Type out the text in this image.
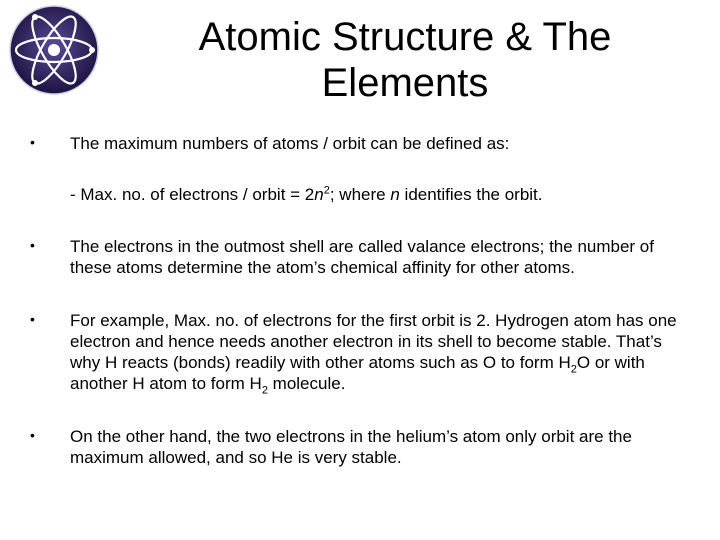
Atomic Structure & The
Elements
• The maximum numbers of atoms / orbit can be defined as:
- Max. no. of electrons / orbit = $2n^2$; where n identifies the orbit.
• The electrons in the outmost shell are called valance electrons; the number of these atoms determine the atom’s chemical affinity for other atoms.
• For example, Max. no. of electrons for the first orbit is 2. Hydrogen atom has one electron and hence needs another electron in its shell to become stable. That’s why H reacts (bonds) readily with other atoms such as O to form $H_2O$ or with another H atom to form $H_2$ molecule.
• On the other hand, the two electrons in the helium’s atom only orbit are the maximum allowed, and so He is very stable.
